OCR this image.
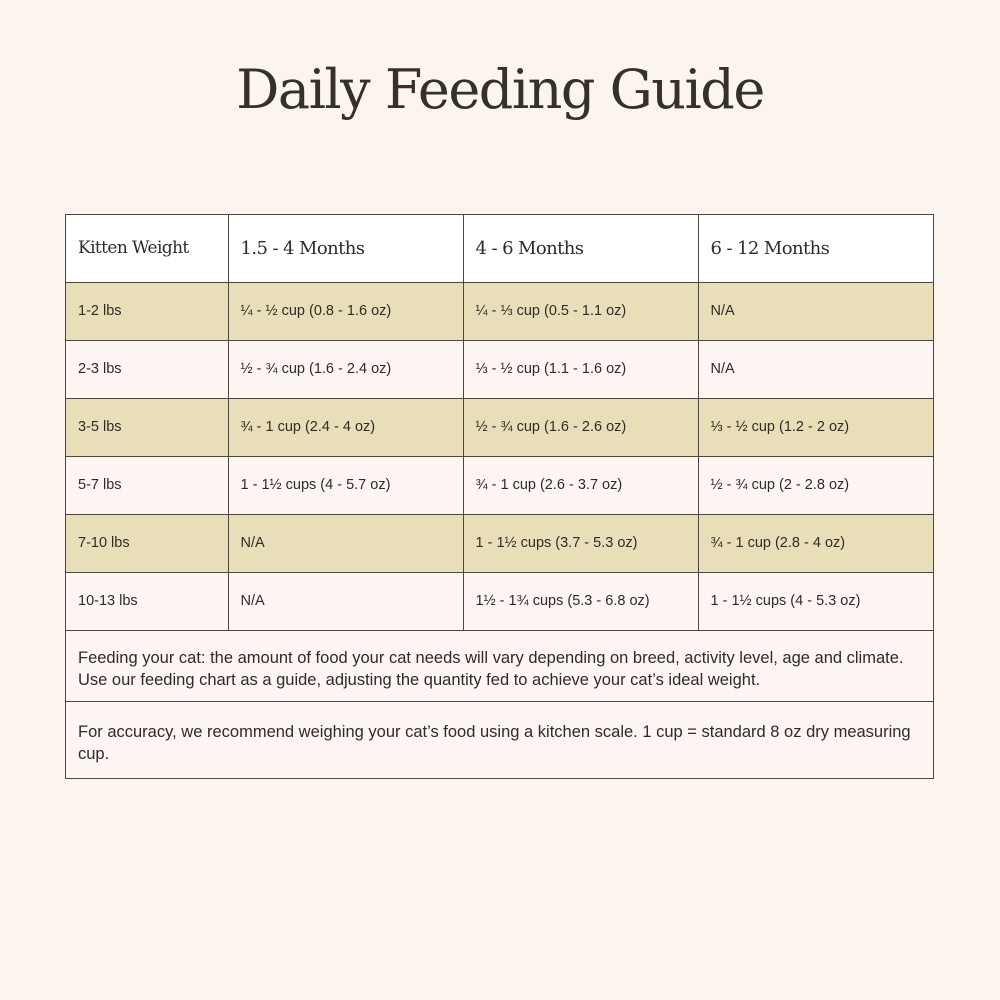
Daily Feeding Guide
Kitten Weight	1.5 - 4 Months	4 - 6 Months	6 - 12 Months
1-2 lbs	¼ - ½ cup (0.8 - 1.6 oz)	¼ - ⅓ cup (0.5 - 1.1 oz)	N/A
2-3 lbs	½ - ¾ cup (1.6 - 2.4 oz)	⅓ - ½ cup (1.1 - 1.6 oz)	N/A
3-5 lbs	¾ - 1 cup (2.4 - 4 oz)	½ - ¾ cup (1.6 - 2.6 oz)	⅓ - ½ cup (1.2 - 2 oz)
5-7 lbs	1 - 1½ cups (4 - 5.7 oz)	¾ - 1 cup (2.6 - 3.7 oz)	½ - ¾ cup (2 - 2.8 oz)
7-10 lbs	N/A	1 - 1½ cups (3.7 - 5.3 oz)	¾ - 1 cup (2.8 - 4 oz)
10-13 lbs	N/A	1½ - 1¾ cups (5.3 - 6.8 oz)	1 - 1½ cups (4 - 5.3 oz)
Feeding your cat: the amount of food your cat needs will vary depending on breed, activity level, age and climate. Use our feeding chart as a guide, adjusting the quantity fed to achieve your cat’s ideal weight.
For accuracy, we recommend weighing your cat’s food using a kitchen scale. 1 cup = standard 8 oz dry measuring cup.
